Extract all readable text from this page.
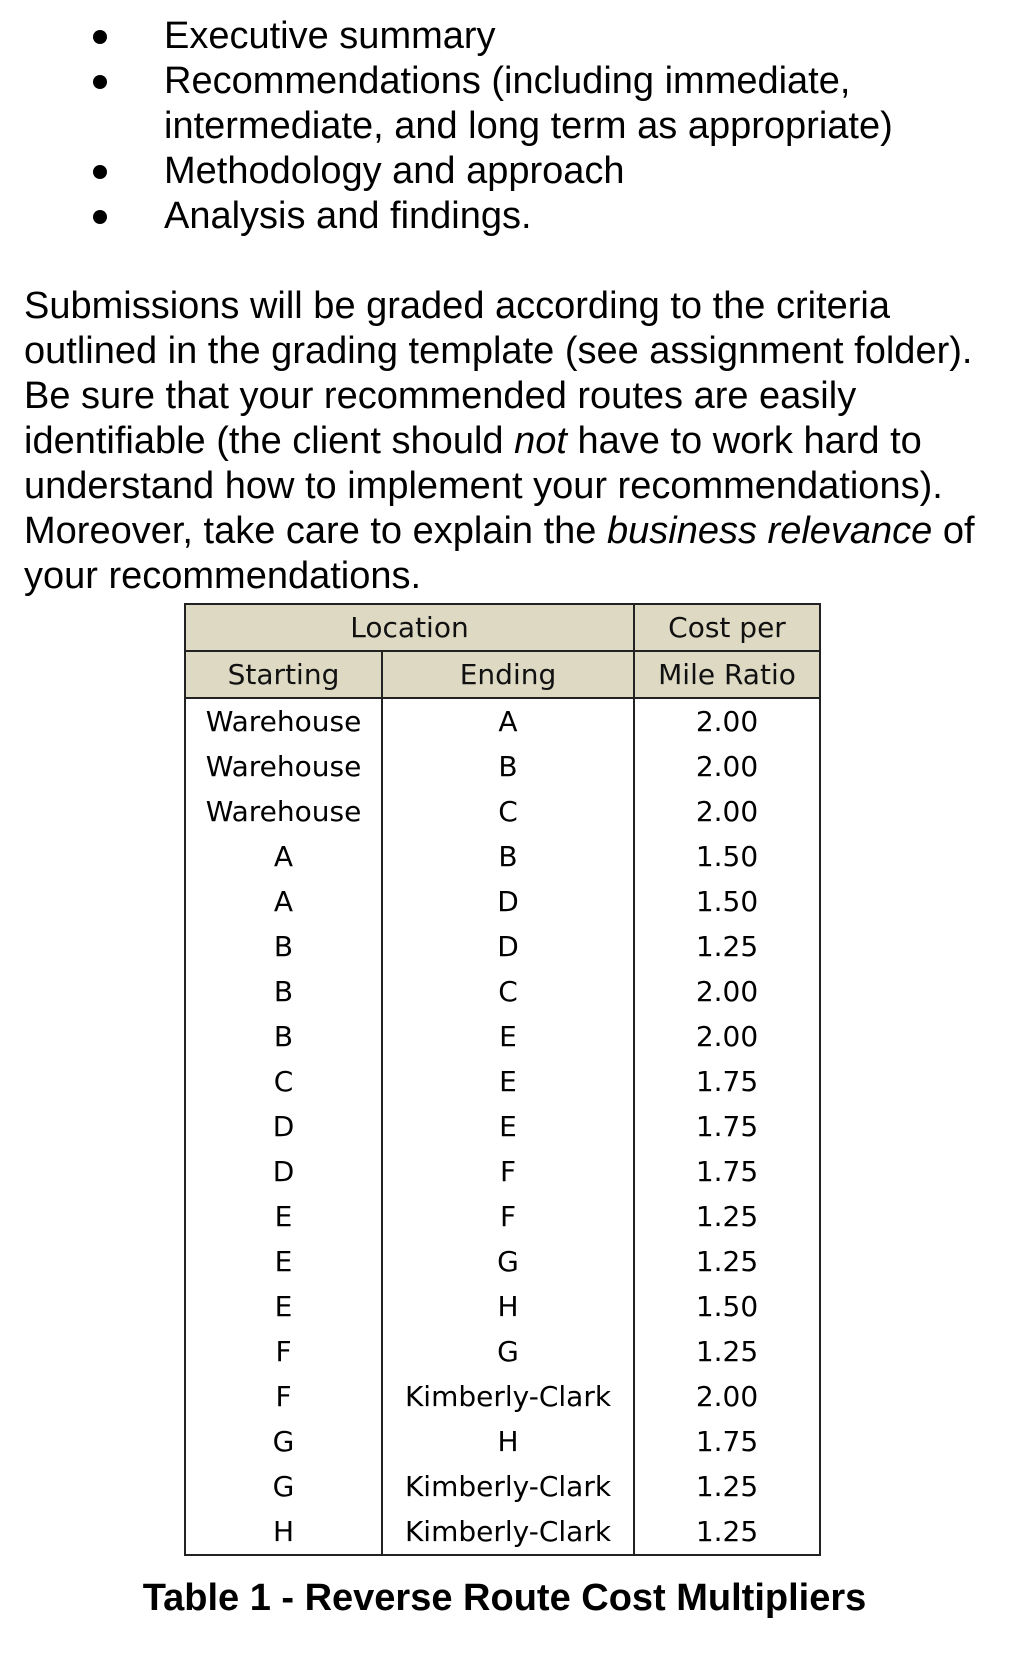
Executive summary
Recommendations (including immediate, intermediate, and long term as appropriate)
Methodology and approach
Analysis and findings.

Submissions will be graded according to the criteria outlined in the grading template (see assignment folder). Be sure that your recommended routes are easily identifiable (the client should not have to work hard to understand how to implement your recommendations). Moreover, take care to explain the business relevance of your recommendations.

Location		Cost per
Starting	Ending	Mile Ratio
Warehouse	A	2.00
Warehouse	B	2.00
Warehouse	C	2.00
A	B	1.50
A	D	1.50
B	D	1.25
B	C	2.00
B	E	2.00
C	E	1.75
D	E	1.75
D	F	1.75
E	F	1.25
E	G	1.25
E	H	1.50
F	G	1.25
F	Kimberly-Clark	2.00
G	H	1.75
G	Kimberly-Clark	1.25
H	Kimberly-Clark	1.25

Table 1 - Reverse Route Cost Multipliers
